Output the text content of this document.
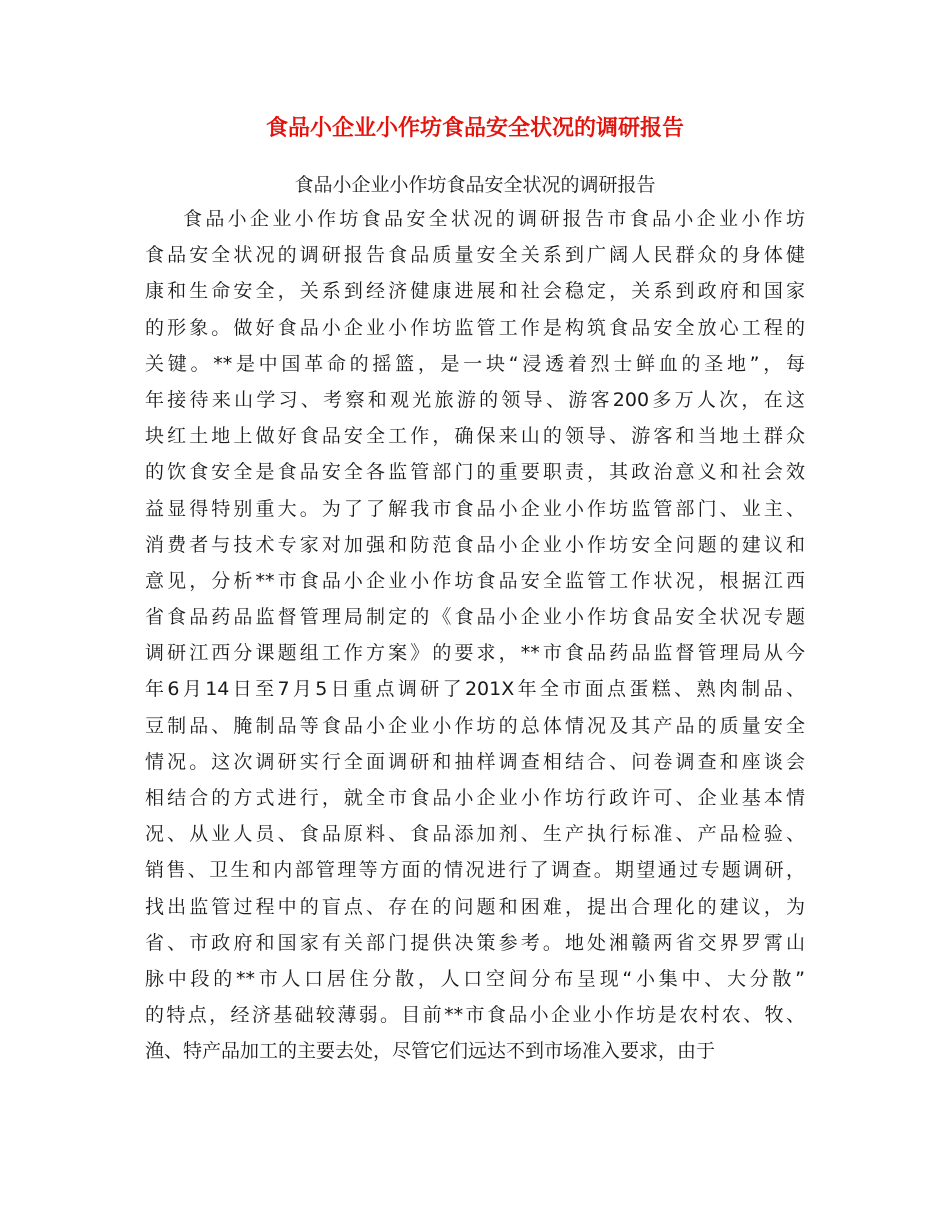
食品小企业小作坊食品安全状况的调研报告
食品小企业小作坊食品安全状况的调研报告
食品小企业小作坊食品安全状况的调研报告市食品小企业小作坊
食品安全状况的调研报告食品质量安全关系到广阔人民群众的身体健
康和生命安全，关系到经济健康进展和社会稳定，关系到政府和国家
的形象。做好食品小企业小作坊监管工作是构筑食品安全放心工程的
关键。**是中国革命的摇篮，是一块“浸透着烈士鲜血的圣地”，每
年接待来山学习、考察和观光旅游的领导、游客200多万人次，在这
块红土地上做好食品安全工作，确保来山的领导、游客和当地土群众
的饮食安全是食品安全各监管部门的重要职责，其政治意义和社会效
益显得特别重大。为了了解我市食品小企业小作坊监管部门、业主、
消费者与技术专家对加强和防范食品小企业小作坊安全问题的建议和
意见，分析**市食品小企业小作坊食品安全监管工作状况，根据江西
省食品药品监督管理局制定的《食品小企业小作坊食品安全状况专题
调研江西分课题组工作方案》的要求，**市食品药品监督管理局从今
年6月14日至7月5日重点调研了201X年全市面点蛋糕、熟肉制品、
豆制品、腌制品等食品小企业小作坊的总体情况及其产品的质量安全
情况。这次调研实行全面调研和抽样调查相结合、问卷调查和座谈会
相结合的方式进行，就全市食品小企业小作坊行政许可、企业基本情
况、从业人员、食品原料、食品添加剂、生产执行标准、产品检验、
销售、卫生和内部管理等方面的情况进行了调查。期望通过专题调研，
找出监管过程中的盲点、存在的问题和困难，提出合理化的建议，为
省、市政府和国家有关部门提供决策参考。地处湘赣两省交界罗霄山
脉中段的**市人口居住分散，人口空间分布呈现“小集中、大分散”
的特点，经济基础较薄弱。目前**市食品小企业小作坊是农村农、牧、
渔、特产品加工的主要去处，尽管它们远达不到市场准入要求，由于
